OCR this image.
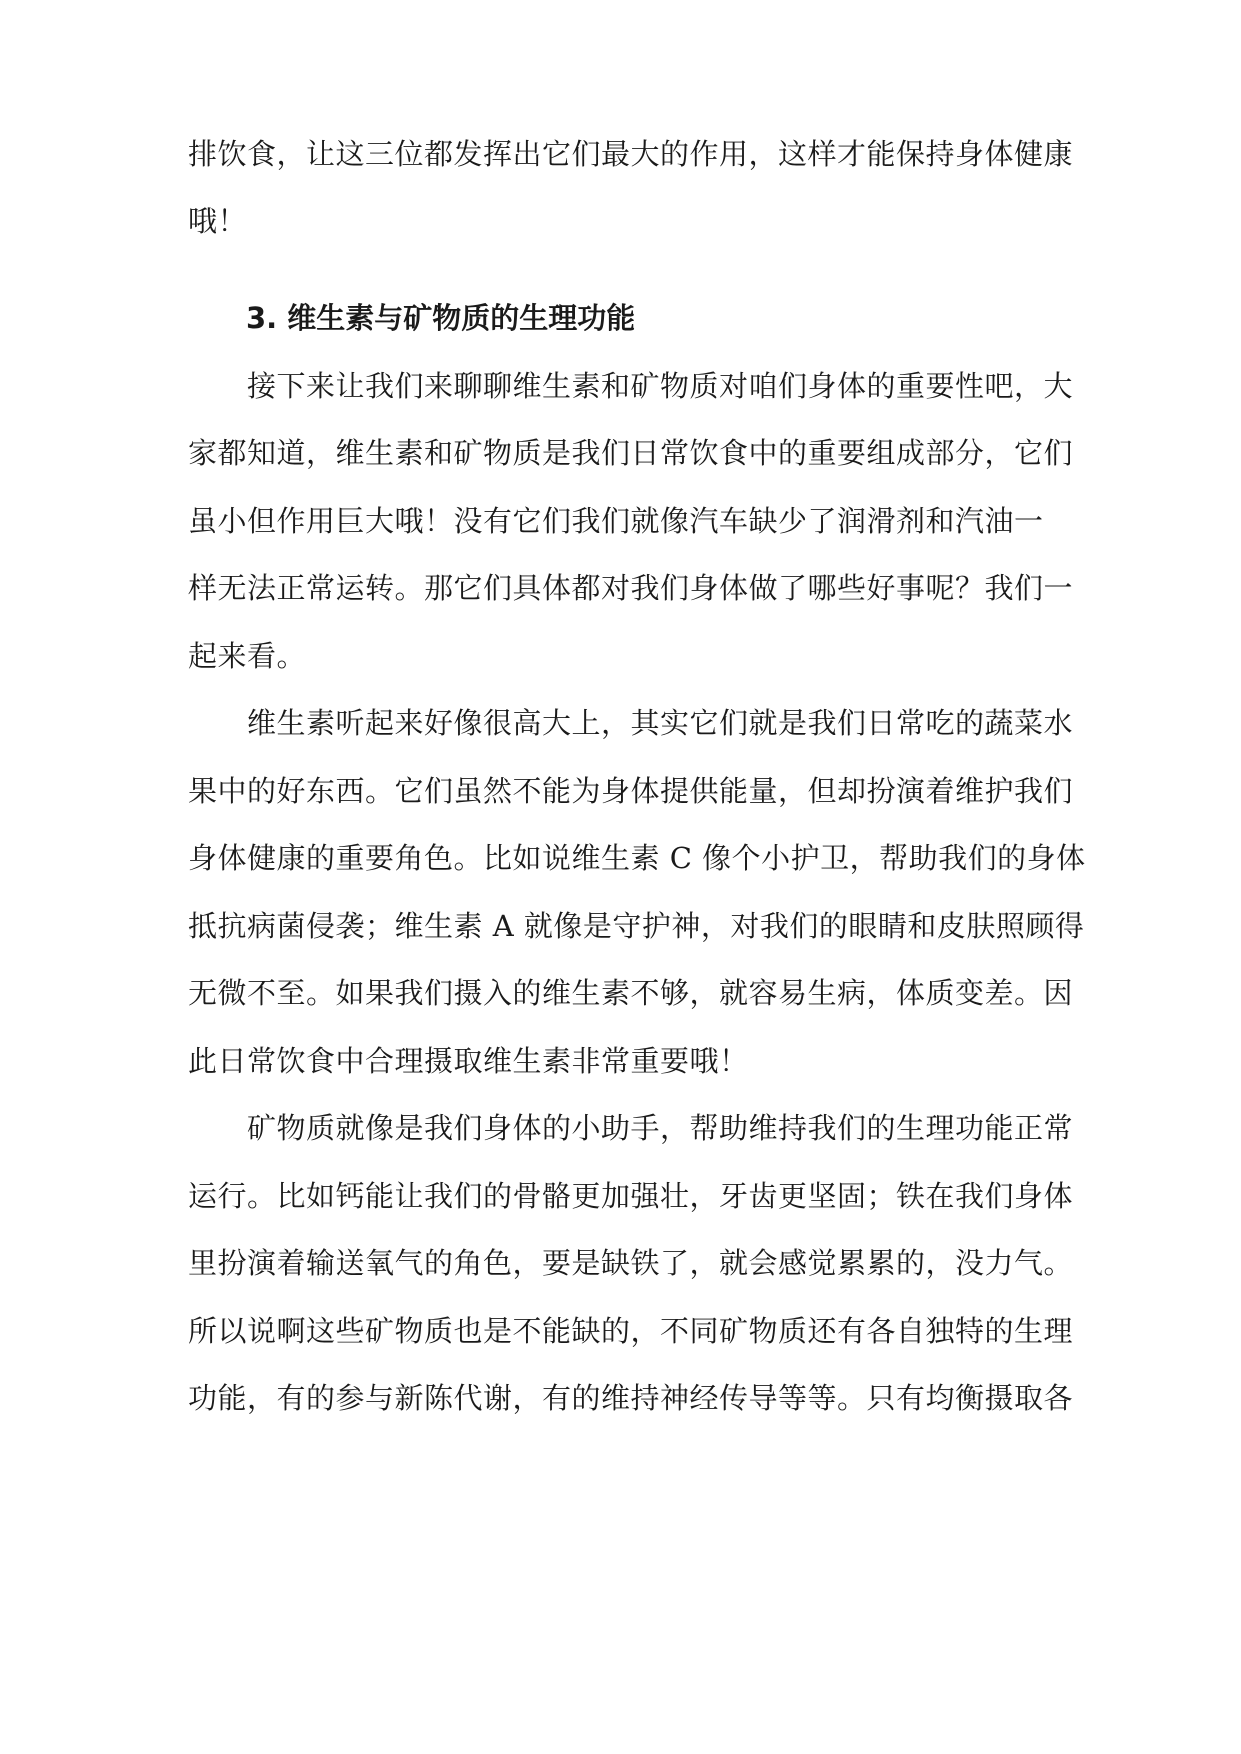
排饮食，让这三位都发挥出它们最大的作用，这样才能保持身体健康
哦！
3. 维生素与矿物质的生理功能
　　接下来让我们来聊聊维生素和矿物质对咱们身体的重要性吧，大
家都知道，维生素和矿物质是我们日常饮食中的重要组成部分，它们
虽小但作用巨大哦！没有它们我们就像汽车缺少了润滑剂和汽油一
样无法正常运转。那它们具体都对我们身体做了哪些好事呢？我们一
起来看。
　　维生素听起来好像很高大上，其实它们就是我们日常吃的蔬菜水
果中的好东西。它们虽然不能为身体提供能量，但却扮演着维护我们
身体健康的重要角色。比如说维生素 C 像个小护卫，帮助我们的身体
抵抗病菌侵袭；维生素 A 就像是守护神，对我们的眼睛和皮肤照顾得
无微不至。如果我们摄入的维生素不够，就容易生病，体质变差。因
此日常饮食中合理摄取维生素非常重要哦！
　　矿物质就像是我们身体的小助手，帮助维持我们的生理功能正常
运行。比如钙能让我们的骨骼更加强壮，牙齿更坚固；铁在我们身体
里扮演着输送氧气的角色，要是缺铁了，就会感觉累累的，没力气。
所以说啊这些矿物质也是不能缺的，不同矿物质还有各自独特的生理
功能，有的参与新陈代谢，有的维持神经传导等等。只有均衡摄取各
